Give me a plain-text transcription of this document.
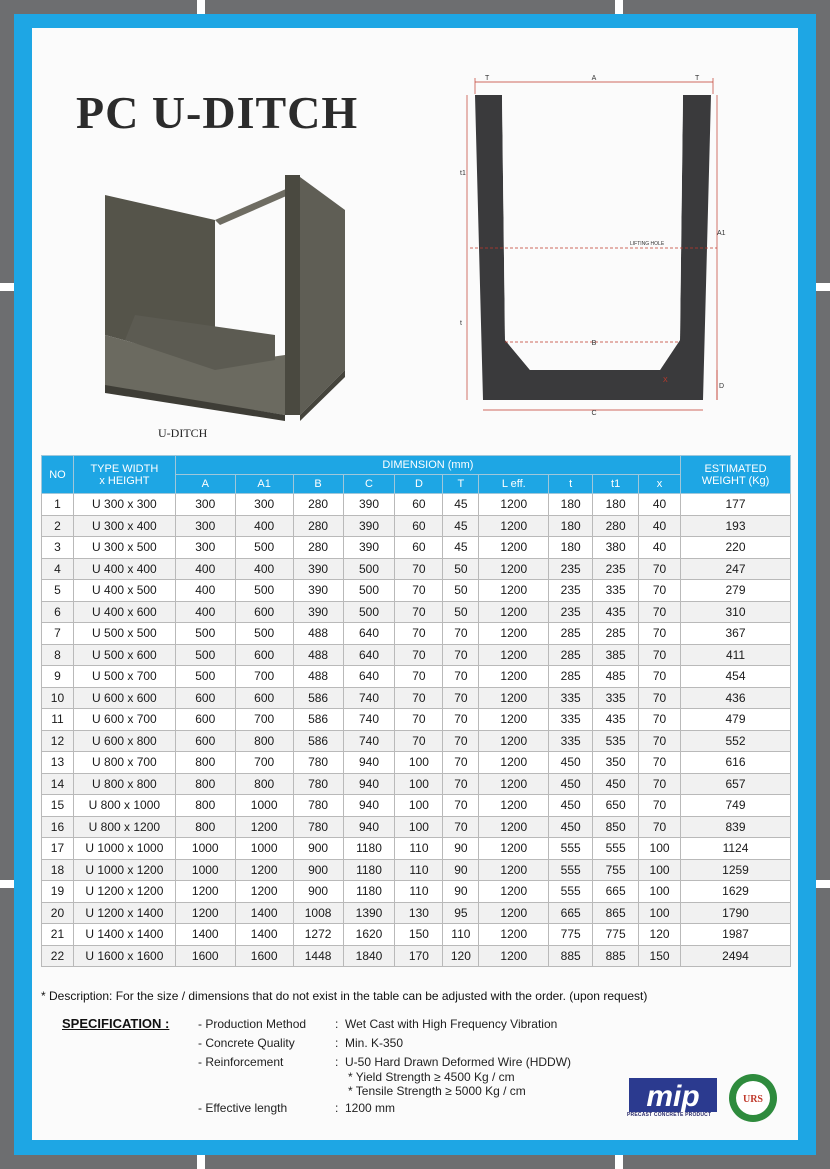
PC U-DITCH
U-DITCH
A
T	T
t1
A1
B
C
D
t
X
LIFTING HOLE
NO	TYPE WIDTH
x HEIGHT	DIMENSION (mm)										ESTIMATED
WEIGHT (Kg)
		A	A1	B	C	D	T	L eff.	t	t1	x	
1	U 300 x 300	300	300	280	390	60	45	1200	180	180	40	177
2	U 300 x 400	300	400	280	390	60	45	1200	180	280	40	193
3	U 300 x 500	300	500	280	390	60	45	1200	180	380	40	220
4	U 400 x 400	400	400	390	500	70	50	1200	235	235	70	247
5	U 400 x 500	400	500	390	500	70	50	1200	235	335	70	279
6	U 400 x 600	400	600	390	500	70	50	1200	235	435	70	310
7	U 500 x 500	500	500	488	640	70	70	1200	285	285	70	367
8	U 500 x 600	500	600	488	640	70	70	1200	285	385	70	411
9	U 500 x 700	500	700	488	640	70	70	1200	285	485	70	454
10	U 600 x 600	600	600	586	740	70	70	1200	335	335	70	436
11	U 600 x 700	600	700	586	740	70	70	1200	335	435	70	479
12	U 600 x 800	600	800	586	740	70	70	1200	335	535	70	552
13	U 800 x 700	800	700	780	940	100	70	1200	450	350	70	616
14	U 800 x 800	800	800	780	940	100	70	1200	450	450	70	657
15	U 800 x 1000	800	1000	780	940	100	70	1200	450	650	70	749
16	U 800 x 1200	800	1200	780	940	100	70	1200	450	850	70	839
17	U 1000 x 1000	1000	1000	900	1180	110	90	1200	555	555	100	1124
18	U 1000 x 1200	1000	1200	900	1180	110	90	1200	555	755	100	1259
19	U 1200 x 1200	1200	1200	900	1180	110	90	1200	555	665	100	1629
20	U 1200 x 1400	1200	1400	1008	1390	130	95	1200	665	865	100	1790
21	U 1400 x 1400	1400	1400	1272	1620	150	110	1200	775	775	120	1987
22	U 1600 x 1600	1600	1600	1448	1840	170	120	1200	885	885	150	2494
* Description: For the size / dimensions that do not exist in the table can be adjusted with the order. (upon request)
SPECIFICATION : - Production Method : Wet Cast with High Frequency Vibration
- Concrete Quality	: Min. K-350
- Reinforcement	: U-50 Hard Drawn Deformed Wire (HDDW)
* Yield Strength ≥ 4500 Kg / cm
* Tensile Strength ≥ 5000 Kg / cm
- Effective length	: 1200 mm	mip
PRECAST CONCRETE PRODUCT
URS
